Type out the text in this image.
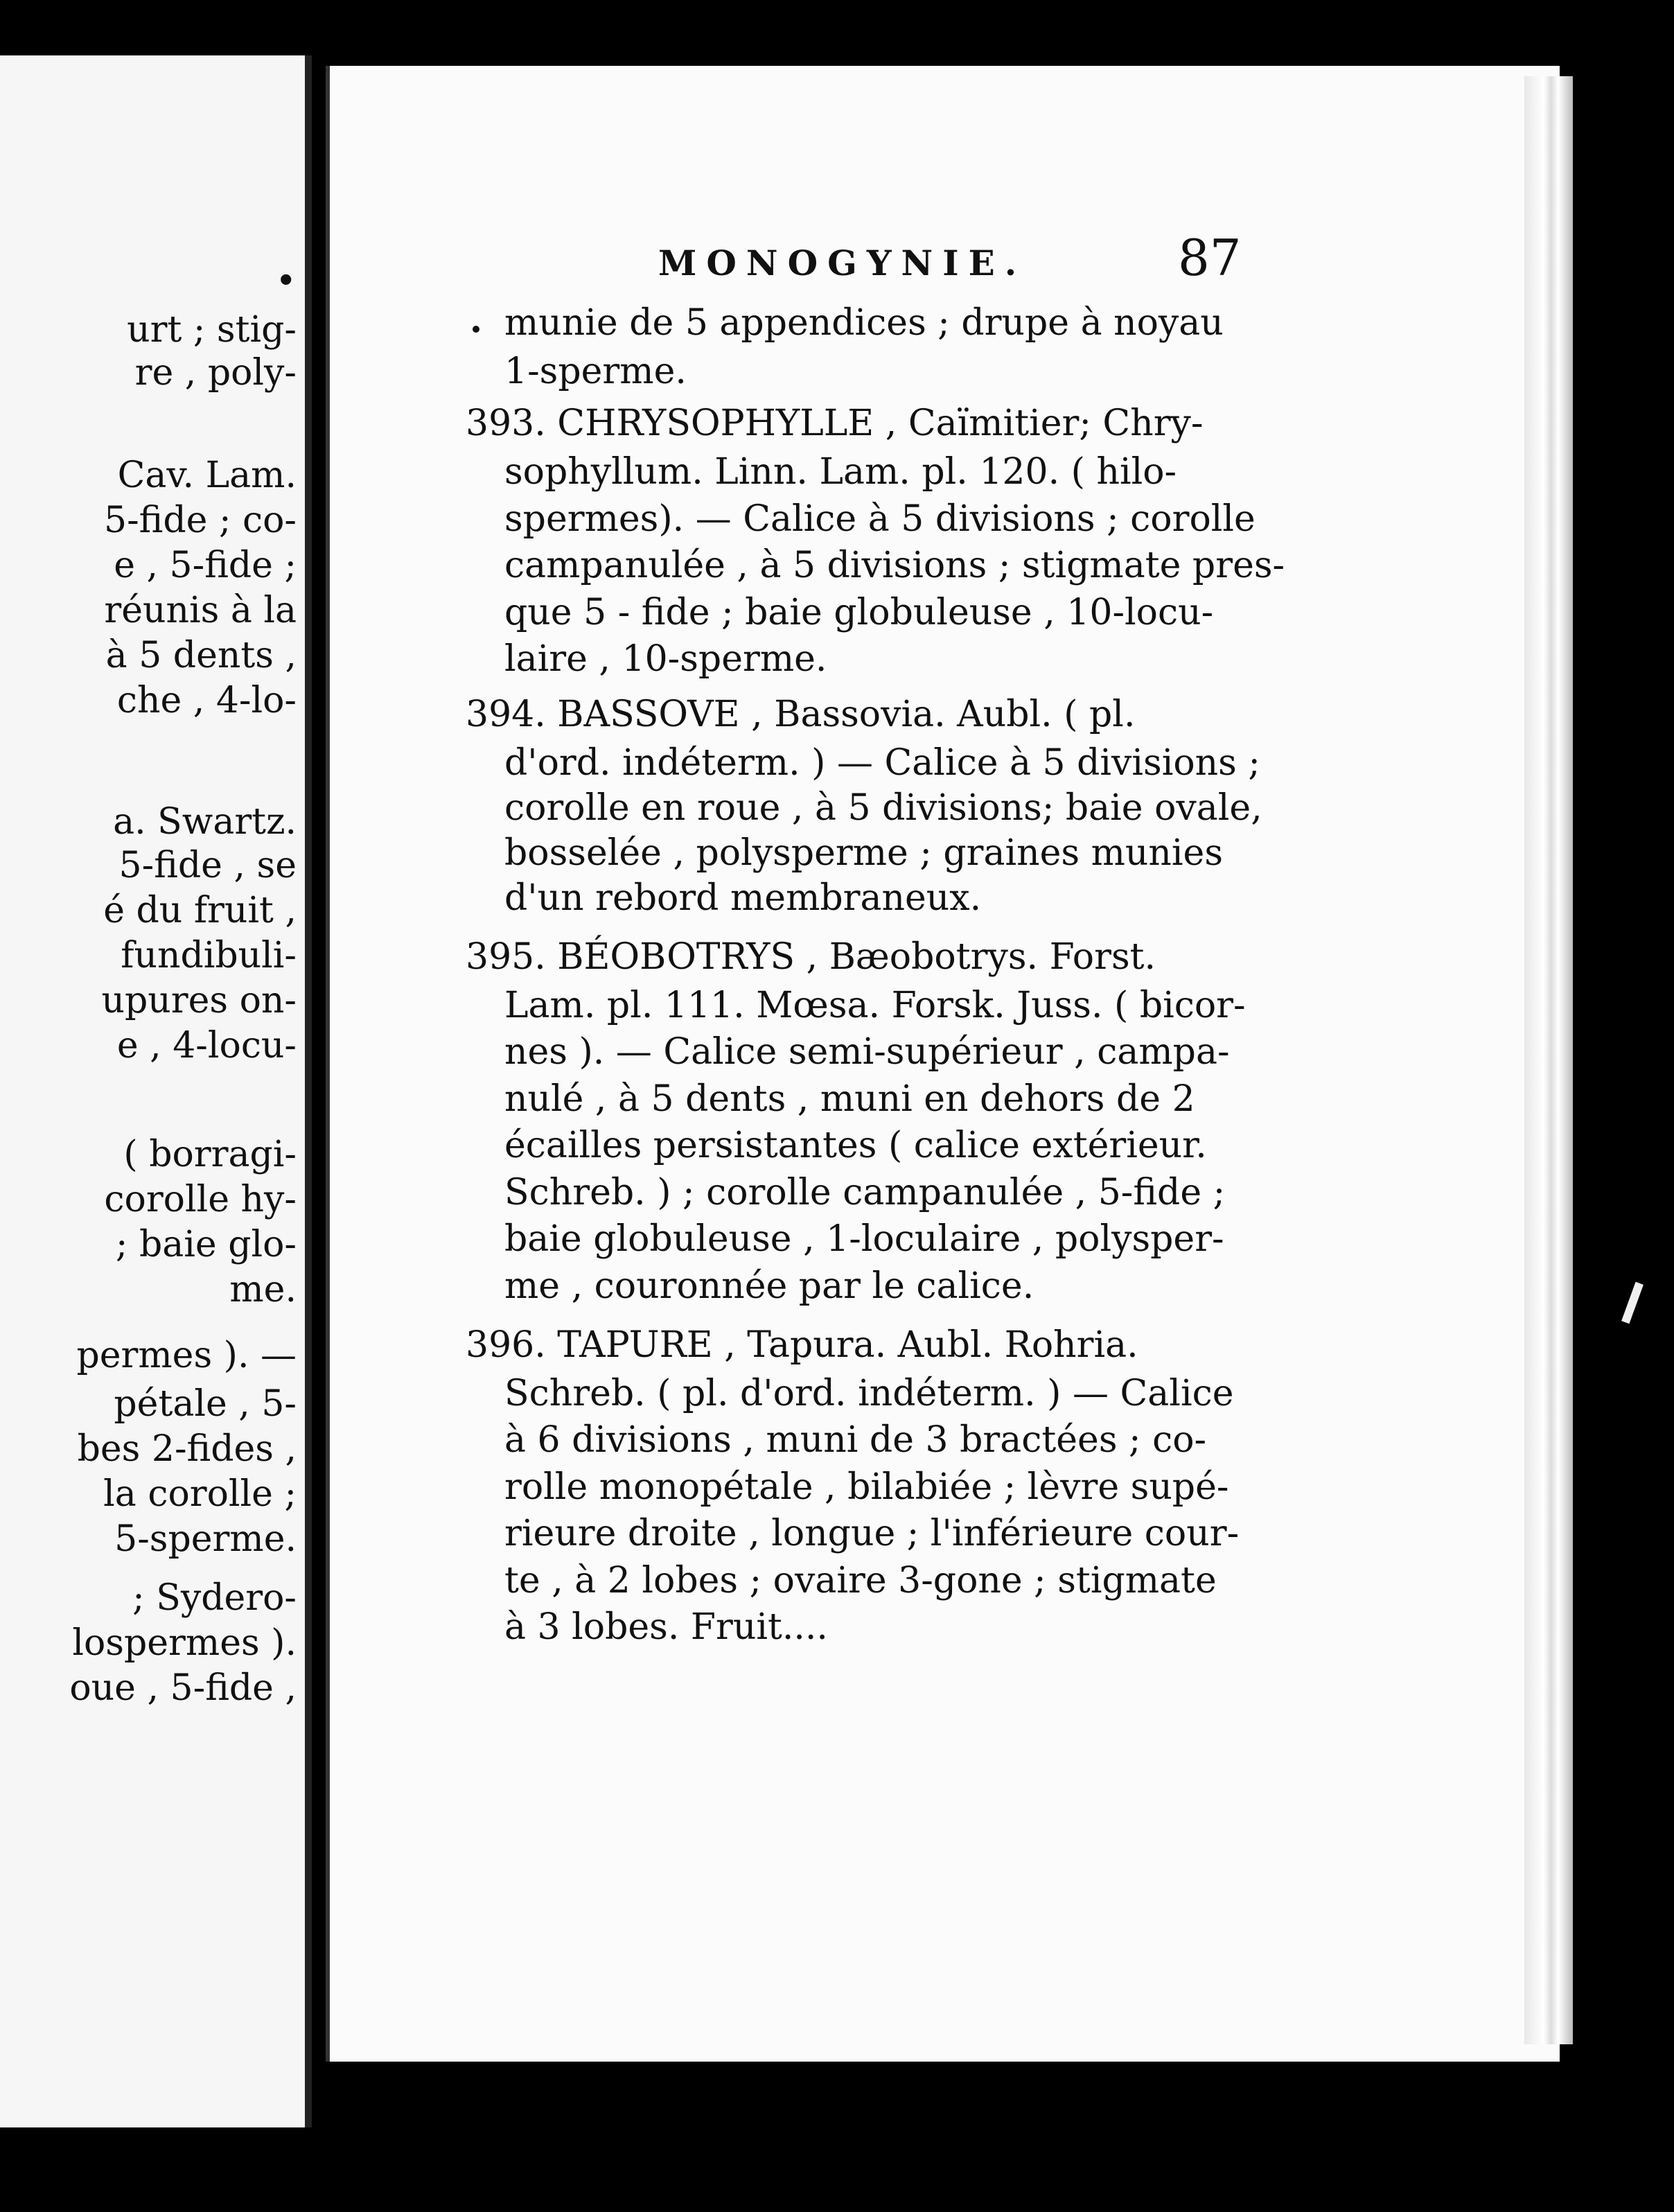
•
urt ; stig-
re , poly-
Cav. Lam.
5-fide ; co-
e , 5-fide ;
réunis à la
à 5 dents ,
che , 4-lo-
a. Swartz.
5-fide , se
é du fruit ,
fundibuli-
upures on-
e , 4-locu-
( borragi-
corolle hy-
; baie glo-
me.
permes ). —
pétale , 5-
bes 2-fides ,
la corolle ;
5-sperme.
; Sydero-
lospermes ).
oue , 5-fide ,
MONOGYNIE.	87
munie de 5 appendices ; drupe à noyau
1-sperme.
393. CHRYSOPHYLLE , Caïmitier; Chry-
sophyllum. Linn. Lam. pl. 120. ( hilo-
spermes). — Calice à 5 divisions ; corolle
campanulée , à 5 divisions ; stigmate pres-
que 5 - fide ; baie globuleuse , 10-locu-
laire , 10-sperme.
394. BASSOVE , Bassovia. Aubl. ( pl.
d'ord. indéterm. ) — Calice à 5 divisions ;
corolle en roue , à 5 divisions; baie ovale,
bosselée , polysperme ; graines munies
d'un rebord membraneux.
395. BÉOBOTRYS , Bæobotrys. Forst.
Lam. pl. 111. Mœsa. Forsk. Juss. ( bicor-
nes ). — Calice semi-supérieur , campa-
nulé , à 5 dents , muni en dehors de 2
écailles persistantes ( calice extérieur.
Schreb. ) ; corolle campanulée , 5-fide ;
baie globuleuse , 1-loculaire , polysper-
me , couronnée par le calice.
396. TAPURE , Tapura. Aubl. Rohria.
Schreb. ( pl. d'ord. indéterm. ) — Calice
à 6 divisions , muni de 3 bractées ; co-
rolle monopétale , bilabiée ; lèvre supé-
rieure droite , longue ; l'inférieure cour-
te , à 2 lobes ; ovaire 3-gone ; stigmate
à 3 lobes. Fruit....
